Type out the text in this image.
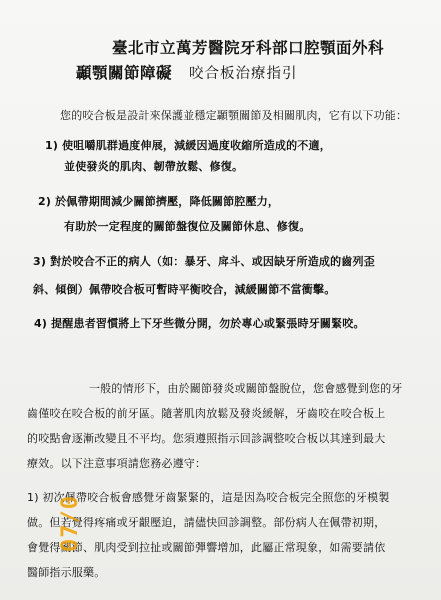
臺北市立萬芳醫院牙科部口腔顎面外科
顳顎關節障礙 咬合板治療指引
您的咬合板是設計來保護並穩定顳顎關節及相關肌肉，它有以下功能：
1) 使咀嚼肌群過度伸展，減緩因過度收縮所造成的不適，
並使發炎的肌肉、韌帶放鬆、修復。
2) 於佩帶期間減少關節擠壓，降低關節腔壓力，
有助於一定程度的關節盤復位及關節休息、修復。
3) 對於咬合不正的病人（如：暴牙、戽斗、或因缺牙所造成的齒列歪
斜、傾倒）佩帶咬合板可暫時平衡咬合，減緩關節不當衝擊。
4) 提醒患者習慣將上下牙些微分開，勿於專心或緊張時牙關緊咬。
一般的情形下，由於關節發炎或關節盤脫位，您會感覺到您的牙
齒僅咬在咬合板的前牙區。隨著肌肉放鬆及發炎緩解，牙齒咬在咬合板上
的咬點會逐漸改變且不平均。您須遵照指示回診調整咬合板以其達到最大
療效。以下注意事項請您務必遵守：
1) 初次佩帶咬合板會感覺牙齒緊緊的，這是因為咬合板完全照您的牙模製
做。但若覺得疼痛或牙齦壓迫，請儘快回診調整。部份病人在佩帶初期，
會覺得關節、肌肉受到拉扯或關節彈響增加，此屬正常現象，如需要請依
醫師指示服藥。
07/0
